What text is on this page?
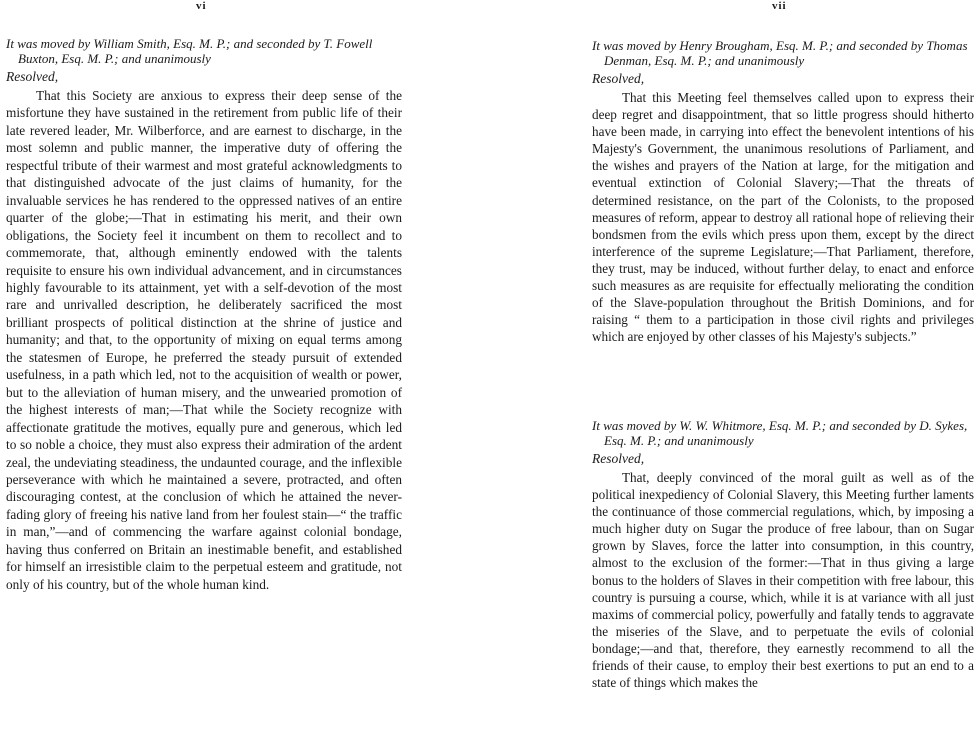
vi

It was moved by William Smith, Esq. M. P.; and seconded by T. Fowell Buxton, Esq. M. P.; and unanimously

Resolved,

That this Society are anxious to express their deep sense of the misfortune they have sustained in the retirement from public life of their late revered leader, Mr. Wilberforce, and are earnest to discharge, in the most solemn and public manner, the imperative duty of offering the respectful tribute of their warmest and most grateful acknowledgments to that distinguished advocate of the just claims of humanity, for the invaluable services he has rendered to the oppressed natives of an entire quarter of the globe;—That in estimating his merit, and their own obligations, the Society feel it incumbent on them to recollect and to commemorate, that, although eminently endowed with the talents requisite to ensure his own individual advancement, and in circumstances highly favourable to its attainment, yet with a self-devotion of the most rare and unrivalled description, he deliberately sacrificed the most brilliant prospects of political distinction at the shrine of justice and humanity; and that, to the opportunity of mixing on equal terms among the statesmen of Europe, he preferred the steady pursuit of extended usefulness, in a path which led, not to the acquisition of wealth or power, but to the alleviation of human misery, and the unwearied promotion of the highest interests of man;—That while the Society recognize with affectionate gratitude the motives, equally pure and generous, which led to so noble a choice, they must also express their admiration of the ardent zeal, the undeviating steadiness, the undaunted courage, and the inflexible perseverance with which he maintained a severe, protracted, and often discouraging contest, at the conclusion of which he attained the never-fading glory of freeing his native land from her foulest stain—“ the traffic in man,”—and of commencing the warfare against colonial bondage, having thus conferred on Britain an inestimable benefit, and established for himself an irresistible claim to the perpetual esteem and gratitude, not only of his country, but of the whole human kind.

vii

It was moved by Henry Brougham, Esq. M. P.; and seconded by Thomas Denman, Esq. M. P.; and unanimously

Resolved,

That this Meeting feel themselves called upon to express their deep regret and disappointment, that so little progress should hitherto have been made, in carrying into effect the benevolent intentions of his Majesty's Government, the unanimous resolutions of Parliament, and the wishes and prayers of the Nation at large, for the mitigation and eventual extinction of Colonial Slavery;—That the threats of determined resistance, on the part of the Colonists, to the proposed measures of reform, appear to destroy all rational hope of relieving their bondsmen from the evils which press upon them, except by the direct interference of the supreme Legislature;—That Parliament, therefore, they trust, may be induced, without further delay, to enact and enforce such measures as are requisite for effectually meliorating the condition of the Slave-population throughout the British Dominions, and for raising “ them to a participation in those civil rights and privileges which are enjoyed by other classes of his Majesty's subjects.”

It was moved by W. W. Whitmore, Esq. M. P.; and seconded by D. Sykes, Esq. M. P.; and unanimously

Resolved,

That, deeply convinced of the moral guilt as well as of the political inexpediency of Colonial Slavery, this Meeting further laments the continuance of those commercial regulations, which, by imposing a much higher duty on Sugar the produce of free labour, than on Sugar grown by Slaves, force the latter into consumption, in this country, almost to the exclusion of the former:—That in thus giving a large bonus to the holders of Slaves in their competition with free labour, this country is pursuing a course, which, while it is at variance with all just maxims of commercial policy, powerfully and fatally tends to aggravate the miseries of the Slave, and to perpetuate the evils of colonial bondage;—and that, therefore, they earnestly recommend to all the friends of their cause, to employ their best exertions to put an end to a state of things which makes the
